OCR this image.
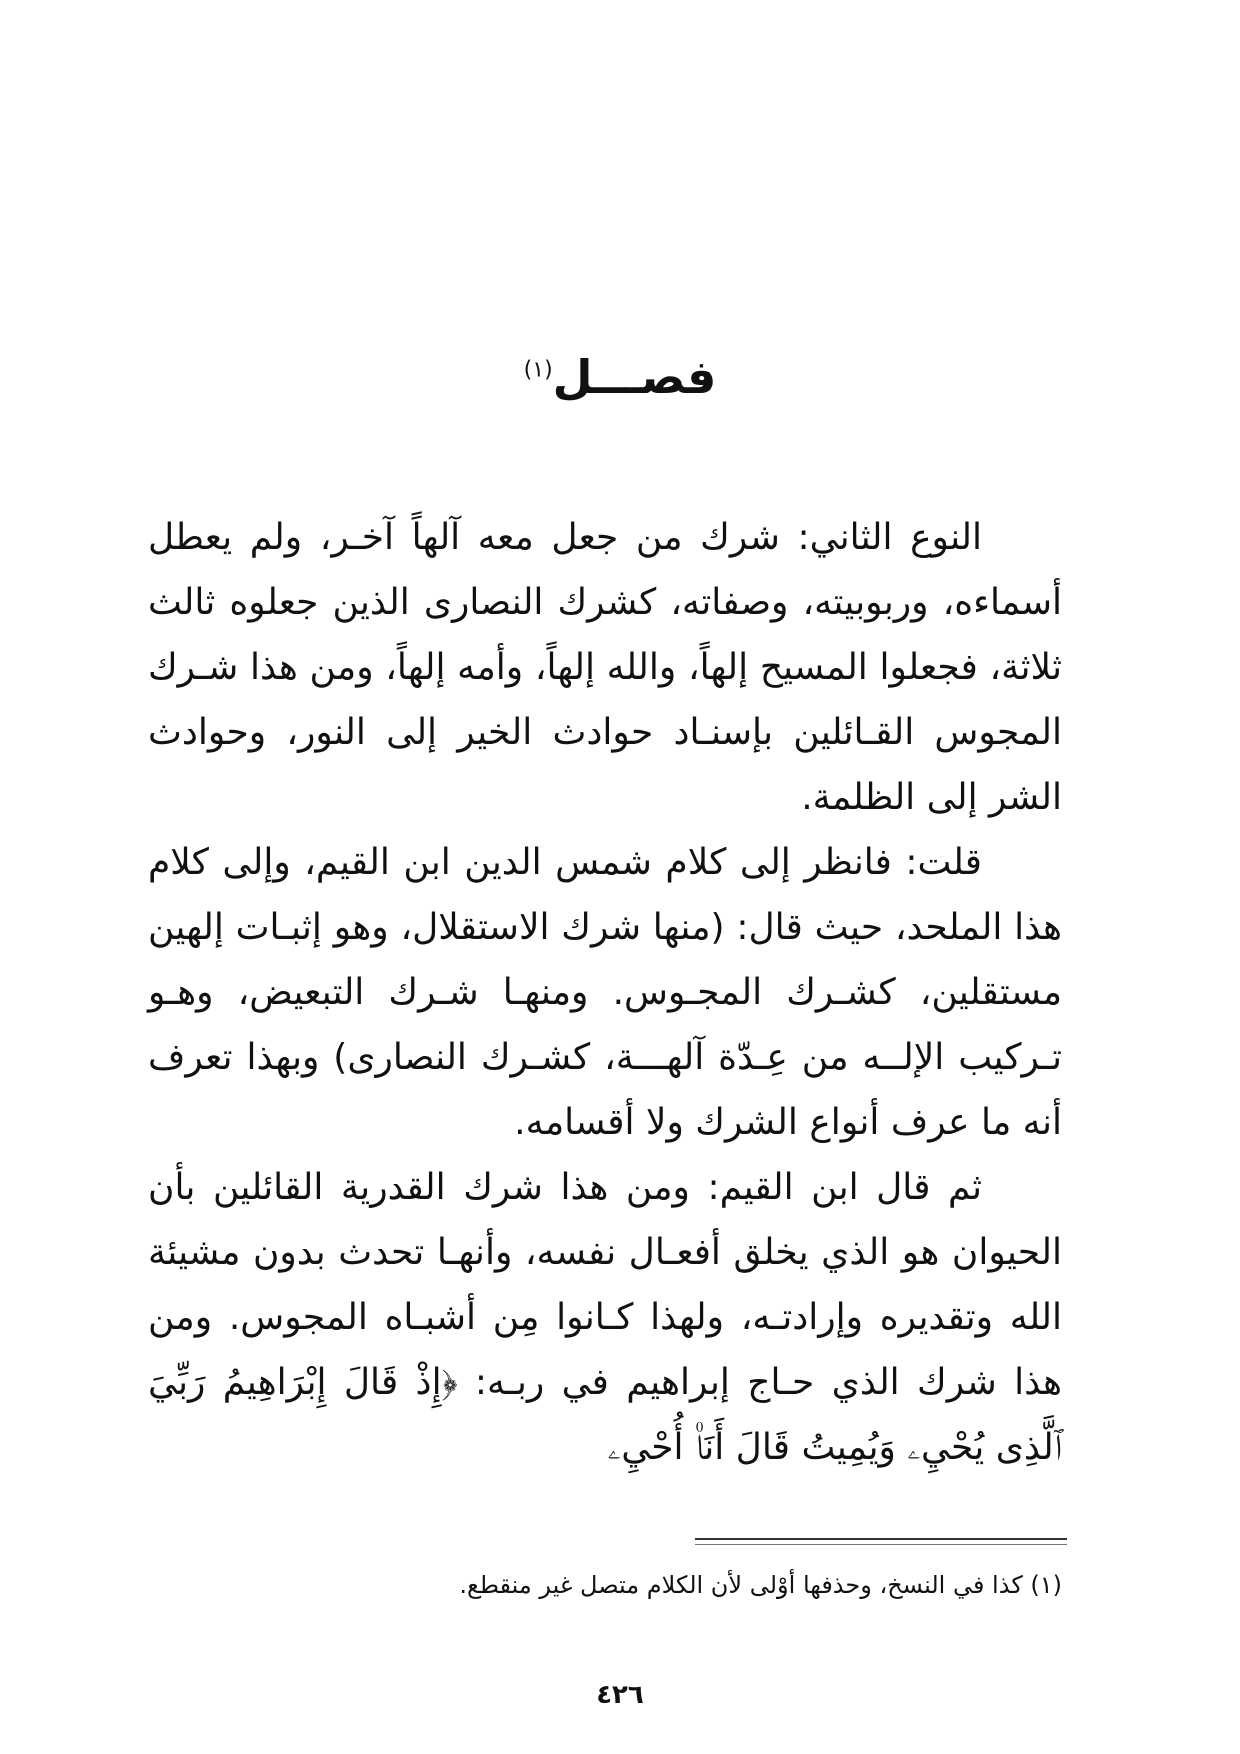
فصـــل$^{(١)}$

النوع الثاني: شرك من جعل معه آلهاً آخـر، ولم يعطل أسماءه، وربوبيته، وصفاته، كشرك النصارى الذين جعلوه ثالث ثلاثة، فجعلوا المسيح إلهاً، والله إلهاً، وأمه إلهاً، ومن هذا شـرك المجوس القـائلين بإسنـاد حوادث الخير إلى النور، وحوادث الشر إلى الظلمة.

قلت: فانظر إلى كلام شمس الدين ابن القيم، وإلى كلام هذا الملحد، حيث قال: (منها شرك الاستقلال، وهو إثبـات إلهين مستقلين، كشـرك المجـوس. ومنهـا شـرك التبعيض، وهـو تـركيب الإلــه من عِـدّة آلهـــة، كشـرك النصارى) وبهذا تعرف أنه ما عرف أنواع الشرك ولا أقسامه.

ثم قال ابن القيم: ومن هذا شرك القدرية القائلين بأن الحيوان هو الذي يخلق أفعـال نفسه، وأنهـا تحدث بدون مشيئة الله وتقديره وإرادتـه، ولهذا كـانوا مِن أشبـاه المجوس. ومن هذا شرك الذي حـاج إبراهيم في ربـه: ﴿إِذْ قَالَ إِبْرَاهِيمُ رَبِّيَ ٱلَّذِى يُحْيِۦ وَيُمِيتُ قَالَ أَنَا۠ أُحْيِۦ

(١) كذا في النسخ، وحذفها أوْلى لأن الكلام متصل غير منقطع.
٤٢٦
